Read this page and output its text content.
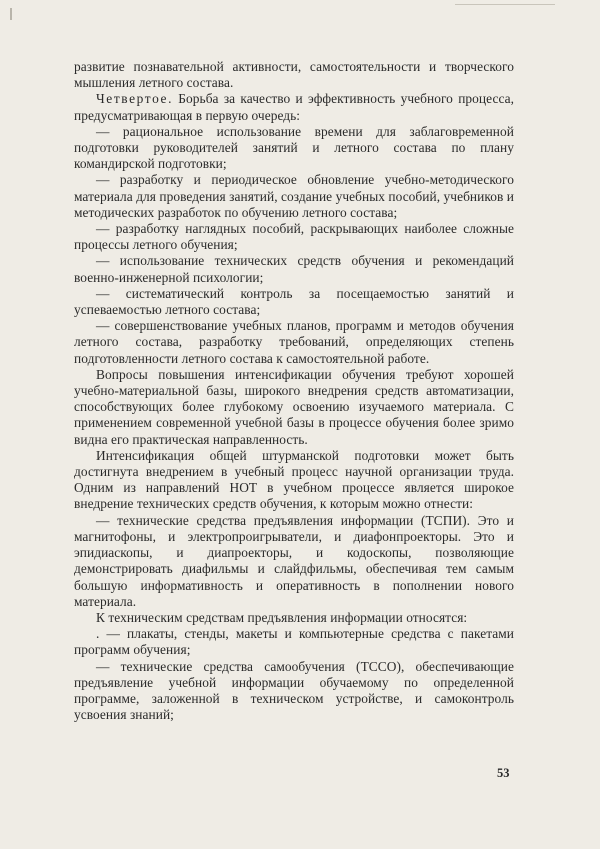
развитие познавательной активности, самостоятельности и творческого мышления летного состава.

Четвертое. Борьба за качество и эффективность учебного процесса, предусматривающая в первую очередь:

— рациональное использование времени для заблаговременной подготовки руководителей занятий и летного состава по плану командирской подготовки;

— разработку и периодическое обновление учебно-методического материала для проведения занятий, создание учебных пособий, учебников и методических разработок по обучению летного состава;

— разработку наглядных пособий, раскрывающих наиболее сложные процессы летного обучения;

— использование технических средств обучения и рекомендаций военно-инженерной психологии;

— систематический контроль за посещаемостью занятий и успеваемостью летного состава;

— совершенствование учебных планов, программ и методов обучения летного состава, разработку требований, определяющих степень подготовленности летного состава к самостоятельной работе.

Вопросы повышения интенсификации обучения требуют хорошей учебно-материальной базы, широкого внедрения средств автоматизации, способствующих более глубокому освоению изучаемого материала. С применением современной учебной базы в процессе обучения более зримо видна его практическая направленность.

Интенсификация общей штурманской подготовки может быть достигнута внедрением в учебный процесс научной организации труда. Одним из направлений НОТ в учебном процессе является широкое внедрение технических средств обучения, к которым можно отнести:

— технические средства предъявления информации (ТСПИ). Это и магнитофоны, и электропроигрыватели, и диафонпроекторы. Это и эпидиаскопы, и диапроекторы, и кодоскопы, позволяющие демонстрировать диафильмы и слайдфильмы, обеспечивая тем самым большую информативность и оперативность в пополнении нового материала.

К техническим средствам предъявления информации относятся:

. — плакаты, стенды, макеты и компьютерные средства с пакетами программ обучения;

— технические средства самообучения (ТССО), обеспечивающие предъявление учебной информации обучаемому по определенной программе, заложенной в техническом устройстве, и самоконтроль усвоения знаний;

53
